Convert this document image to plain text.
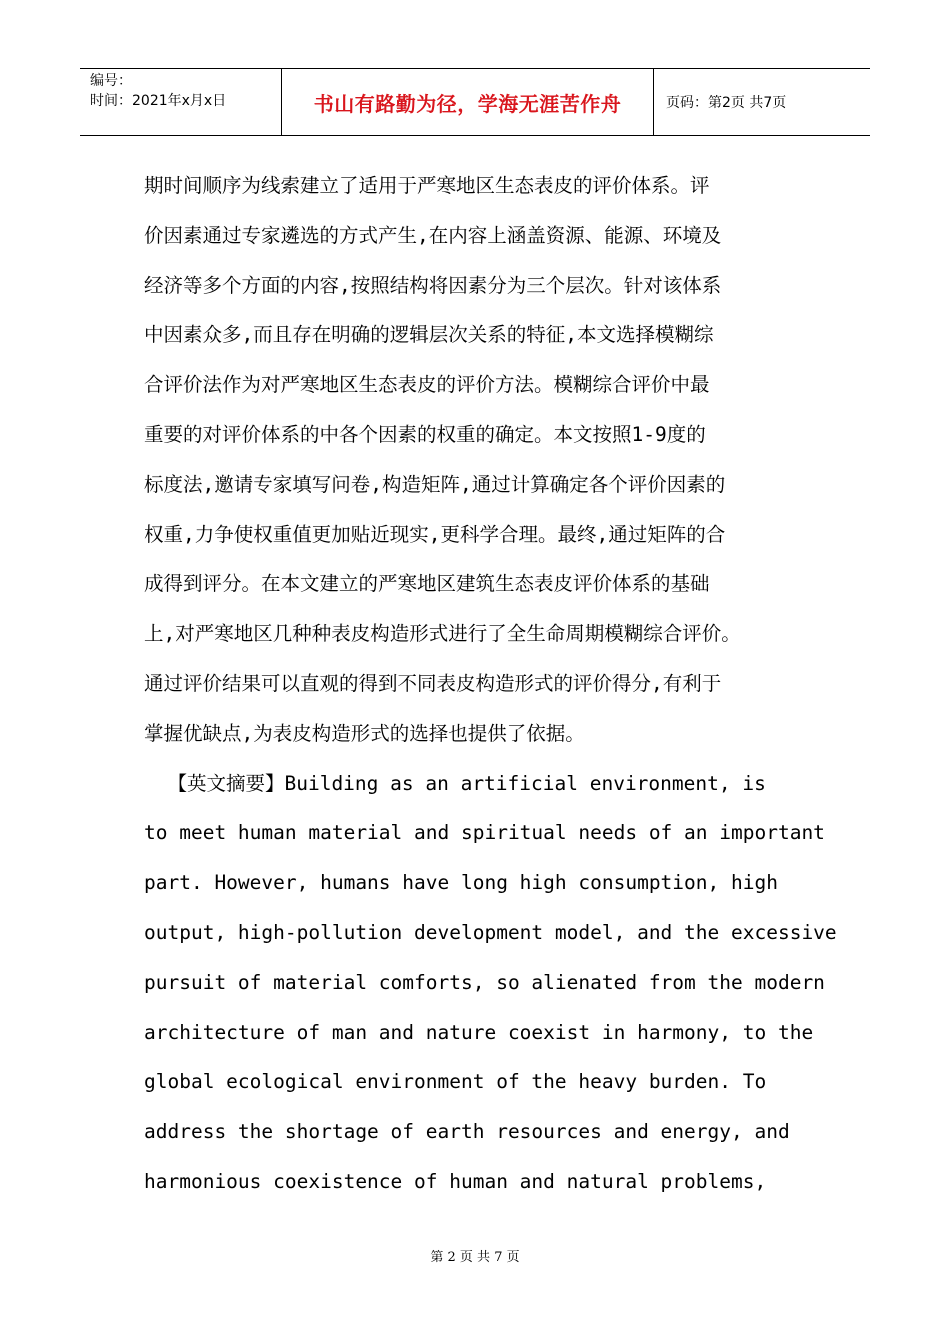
编号：
时间：2021年x月x日	书山有路勤为径，学海无涯苦作舟	页码：第2页 共7页
期时间顺序为线索建立了适用于严寒地区生态表皮的评价体系。评
价因素通过专家遴选的方式产生,在内容上涵盖资源、能源、环境及
经济等多个方面的内容,按照结构将因素分为三个层次。针对该体系
中因素众多,而且存在明确的逻辑层次关系的特征,本文选择模糊综
合评价法作为对严寒地区生态表皮的评价方法。模糊综合评价中最
重要的对评价体系的中各个因素的权重的确定。本文按照1-9度的
标度法,邀请专家填写问卷,构造矩阵,通过计算确定各个评价因素的
权重,力争使权重值更加贴近现实,更科学合理。最终,通过矩阵的合
成得到评分。在本文建立的严寒地区建筑生态表皮评价体系的基础
上,对严寒地区几种种表皮构造形式进行了全生命周期模糊综合评价。
通过评价结果可以直观的得到不同表皮构造形式的评价得分,有利于
掌握优缺点,为表皮构造形式的选择也提供了依据。
【英文摘要】Building as an artificial environment, is
to meet human material and spiritual needs of an important
part. However, humans have long high consumption, high
output, high-pollution development model, and the excessive
pursuit of material comforts, so alienated from the modern
architecture of man and nature coexist in harmony, to the
global ecological environment of the heavy burden. To
address the shortage of earth resources and energy, and
harmonious coexistence of human and natural problems,
第 2 页 共 7 页
